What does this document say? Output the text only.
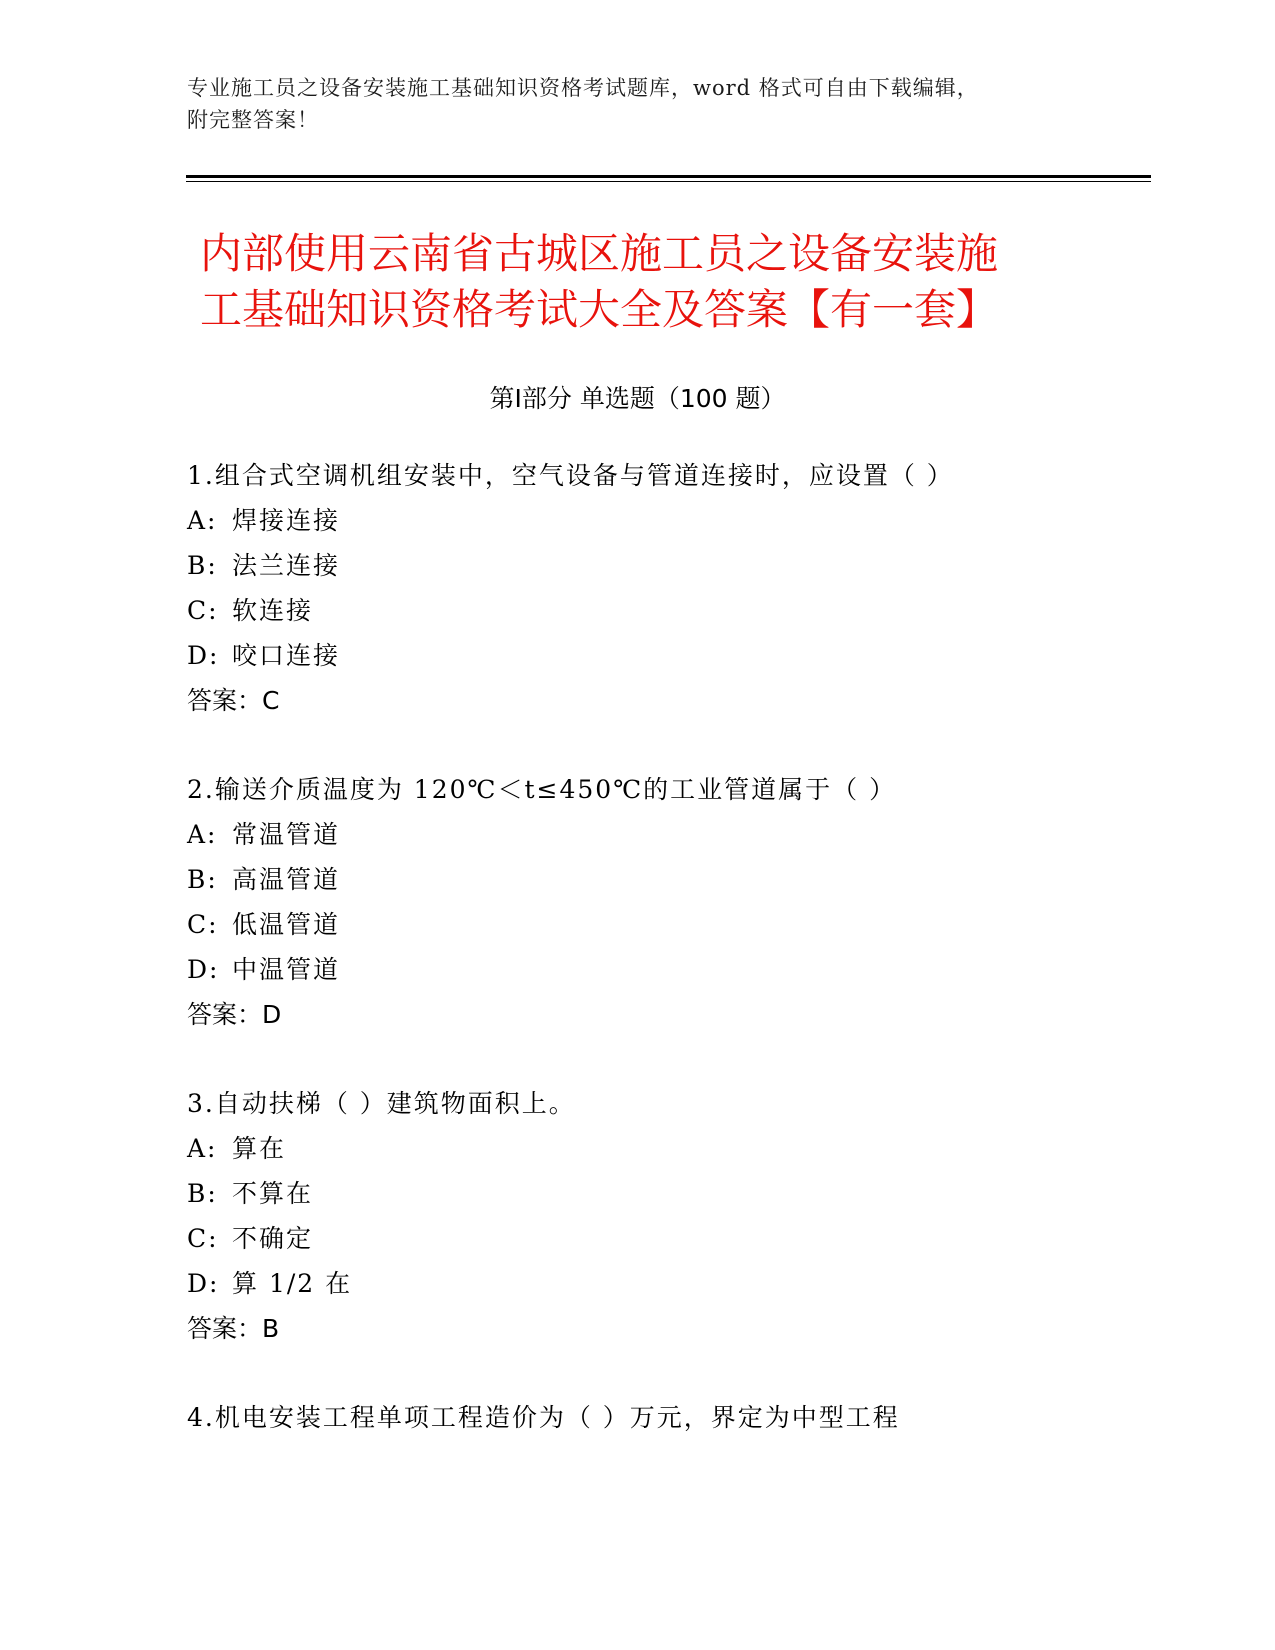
专业施工员之设备安装施工基础知识资格考试题库，word 格式可自由下载编辑，
附完整答案！
内部使用云南省古城区施工员之设备安装施
工基础知识资格考试大全及答案【有一套】
第Ⅰ部分 单选题（100 题）
1.组合式空调机组安装中，空气设备与管道连接时，应设置（ ）
A: 焊接连接
B: 法兰连接
C: 软连接
D: 咬口连接
答案：C
2.输送介质温度为 120℃＜t≤450℃的工业管道属于（ ）
A: 常温管道
B: 高温管道
C: 低温管道
D: 中温管道
答案：D
3.自动扶梯（ ）建筑物面积上。
A: 算在
B: 不算在
C: 不确定
D: 算 1/2 在
答案：B
4.机电安装工程单项工程造价为（ ）万元，界定为中型工程
